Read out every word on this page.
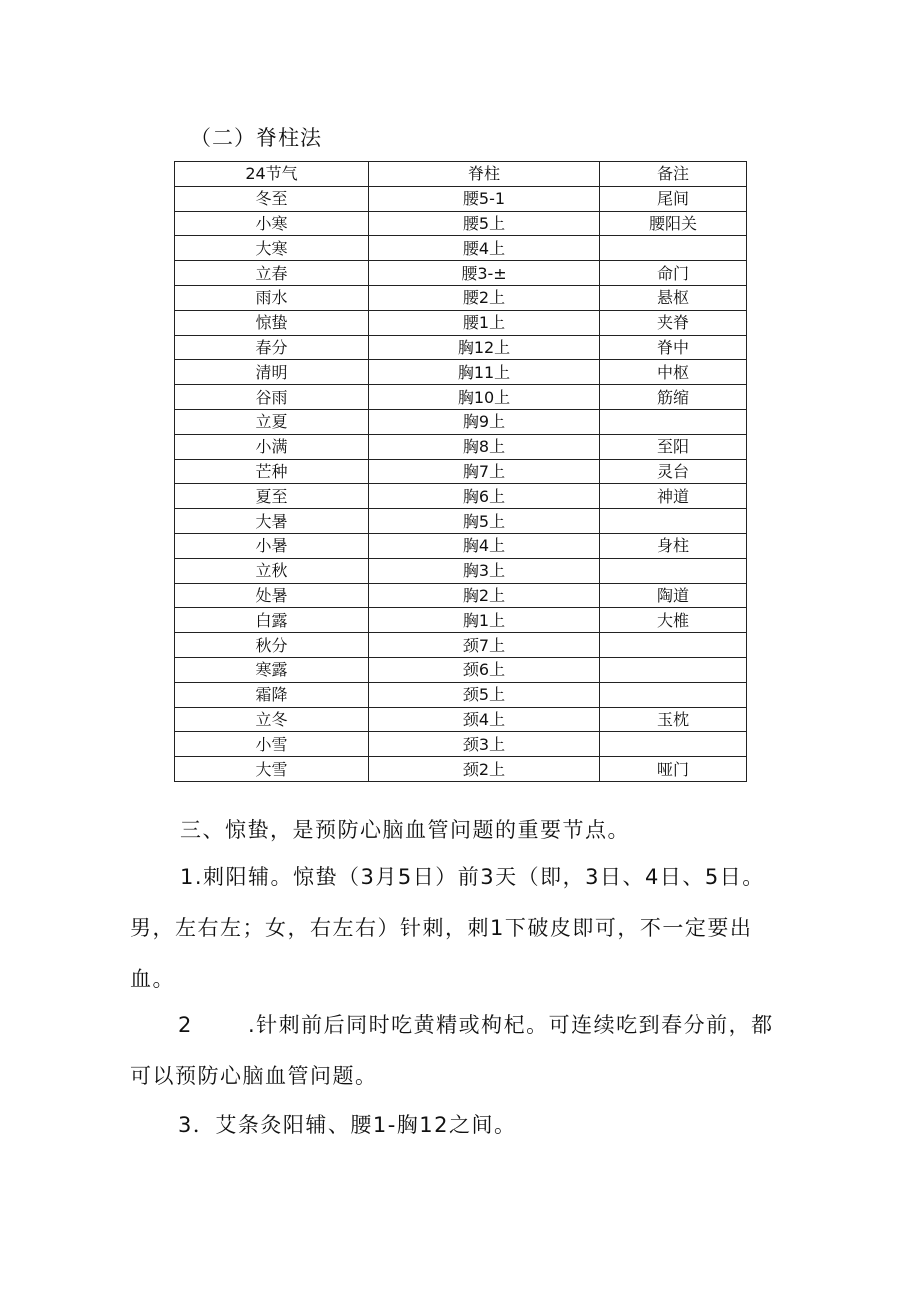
（二）脊柱法
24节气	脊柱	备注
冬至	腰5-1	尾间
小寒	腰5上	腰阳关
大寒	腰4上	
立春	腰3-±	命门
雨水	腰2上	悬枢
惊蛰	腰1上	夹脊
春分	胸12上	脊中
清明	胸11上	中枢
谷雨	胸10上	筋缩
立夏	胸9上	
小满	胸8上	至阳
芒种	胸7上	灵台
夏至	胸6上	神道
大暑	胸5上	
小暑	胸4上	身柱
立秋	胸3上	
处暑	胸2上	陶道
白露	胸1上	大椎
秋分	颈7上	
寒露	颈6上	
霜降	颈5上	
立冬	颈4上	玉枕
小雪	颈3上	
大雪	颈2上	哑门
三、惊蛰，是预防心脑血管问题的重要节点。
1.刺阳辅。惊蛰（3月5日）前3天（即，3日、4日、5日。男，左右左；女，右左右）针刺，刺1下破皮即可，不一定要出血。
2	.针刺前后同时吃黄精或枸杞。可连续吃到春分前，都可以预防心脑血管问题。
3．艾条灸阳辅、腰1-胸12之间。
